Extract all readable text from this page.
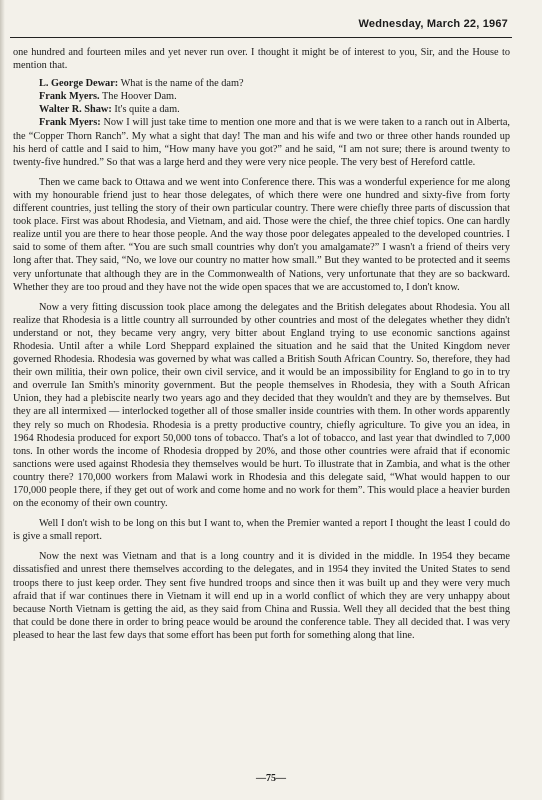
Wednesday, March 22, 1967

one hundred and fourteen miles and yet never run over. I thought it might be of interest to you, Sir, and the House to mention that.

L. George Dewar: What is the name of the dam?

Frank Myers. The Hoover Dam.

Walter R. Shaw: It's quite a dam.

Frank Myers: Now I will just take time to mention one more and that is we were taken to a ranch out in Alberta, the “Copper Thorn Ranch”. My what a sight that day! The man and his wife and two or three other hands rounded up his herd of cattle and I said to him, “How many have you got?” and he said, “I am not sure; there is around twenty to twenty-five hundred.” So that was a large herd and they were very nice people. The very best of Hereford cattle.

Then we came back to Ottawa and we went into Conference there. This was a wonderful experience for me along with my honourable friend just to hear those delegates, of which there were one hundred and sixty-five from forty different countries, just telling the story of their own particular country. There were chiefly three parts of discussion that took place. First was about Rhodesia, and Vietnam, and aid. Those were the chief, the three chief topics. One can hardly realize until you are there to hear those people. And the way those poor delegates appealed to the developed countries. I said to some of them after. “You are such small countries why don't you amalgamate?” I wasn't a friend of theirs very long after that. They said, “No, we love our country no matter how small.” But they wanted to be protected and it seems very unfortunate that although they are in the Commonwealth of Nations, very unfortunate that they are so backward. Whether they are too proud and they have not the wide open spaces that we are accustomed to, I don't know.

Now a very fitting discussion took place among the delegates and the British delegates about Rhodesia. You all realize that Rhodesia is a little country all surrounded by other countries and most of the delegates whether they didn't understand or not, they became very angry, very bitter about England trying to use economic sanctions against Rhodesia. Until after a while Lord Sheppard explained the situation and he said that the United Kingdom never governed Rhodesia. Rhodesia was governed by what was called a British South African Country. So, therefore, they had their own militia, their own police, their own civil service, and it would be an impossibility for England to go in to try and overrule Ian Smith's minority government. But the people themselves in Rhodesia, they with a South African Union, they had a plebiscite nearly two years ago and they decided that they wouldn't and they are by themselves. But they are all intermixed — interlocked together all of those smaller inside countries with them. In other words apparently they rely so much on Rhodesia. Rhodesia is a pretty productive country, chiefly agriculture. To give you an idea, in 1964 Rhodesia produced for export 50,000 tons of tobacco. That's a lot of tobacco, and last year that dwindled to 7,000 tons. In other words the income of Rhodesia dropped by 20%, and those other countries were afraid that if economic sanctions were used against Rhodesia they themselves would be hurt. To illustrate that in Zambia, and what is the other country there? 170,000 workers from Malawi work in Rhodesia and this delegate said, “What would happen to our 170,000 people there, if they get out of work and come home and no work for them”. This would place a heavier burden on the economy of their own country.

Well I don't wish to be long on this but I want to, when the Premier wanted a report I thought the least I could do is give a small report.

Now the next was Vietnam and that is a long country and it is divided in the middle. In 1954 they became dissatisfied and unrest there themselves according to the delegates, and in 1954 they invited the United States to send troops there to just keep order. They sent five hundred troops and since then it was built up and they were very much afraid that if war continues there in Vietnam it will end up in a world conflict of which they are very unhappy about because North Vietnam is getting the aid, as they said from China and Russia. Well they all decided that the best thing that could be done there in order to bring peace would be around the conference table. They all decided that. I was very pleased to hear the last few days that some effort has been put forth for something along that line.

—75—
